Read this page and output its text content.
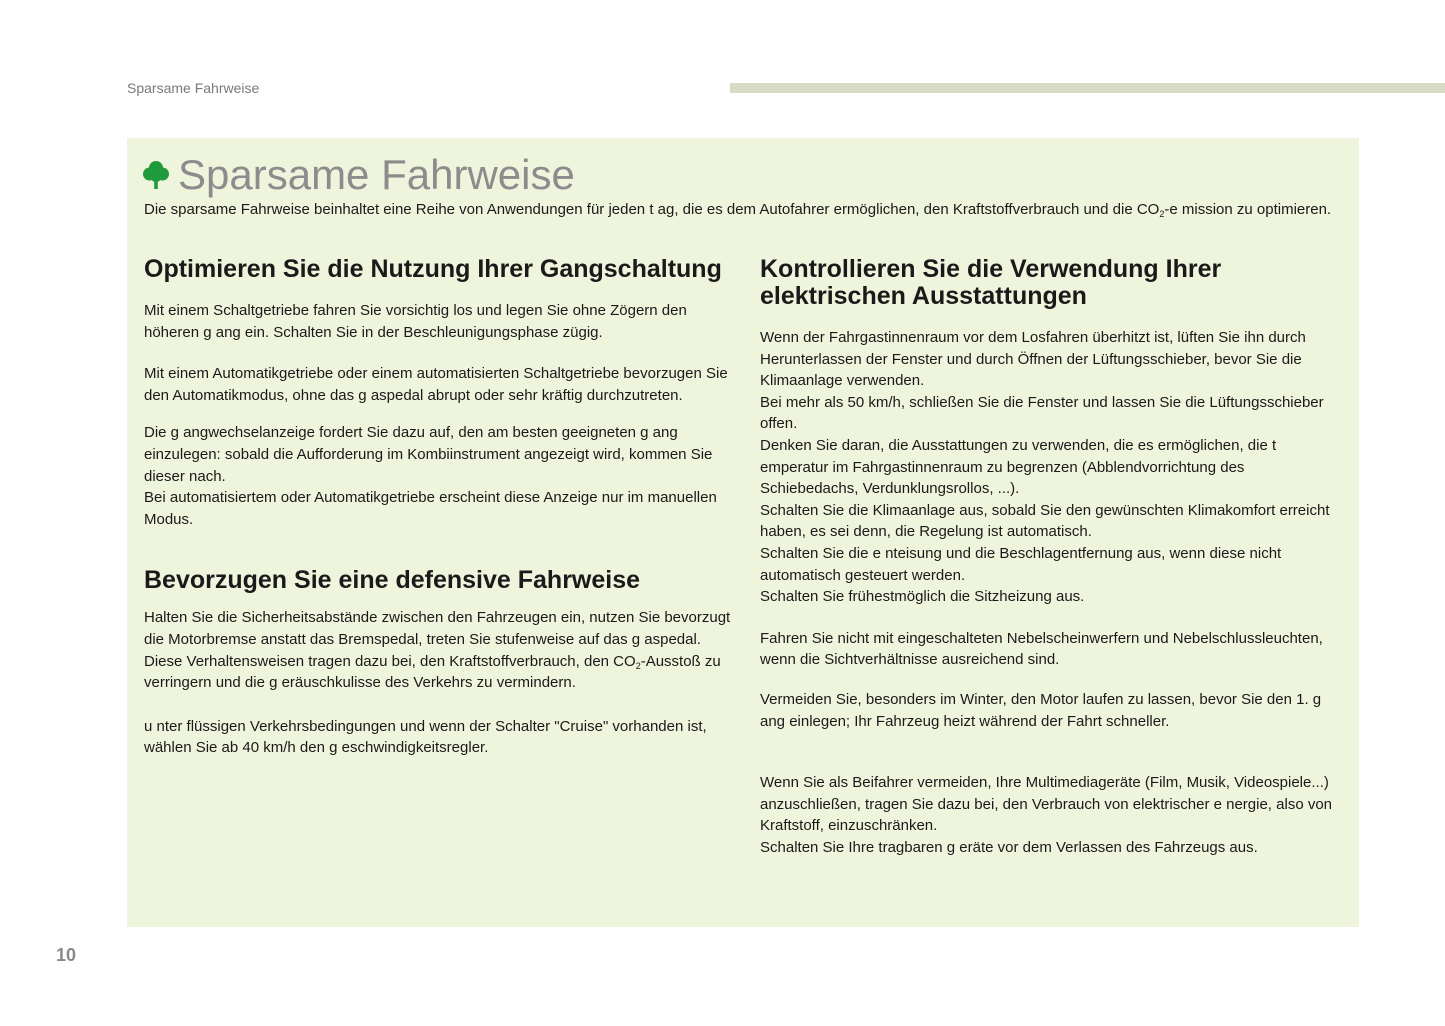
Sparsame Fahrweise
Sparsame Fahrweise
Die sparsame Fahrweise beinhaltet eine Reihe von Anwendungen für jeden t ag, die es dem Autofahrer ermöglichen, den Kraftstoffverbrauch und die $CO_2-e$ mission zu optimieren.
Optimieren Sie die Nutzung Ihrer Gangschaltung

Mit einem Schaltgetriebe fahren Sie vorsichtig los und legen Sie ohne Zögern den höheren g ang ein. Schalten Sie in der Beschleunigungsphase zügig.

Mit einem Automatikgetriebe oder einem automatisierten Schaltgetriebe bevorzugen Sie den Automatikmodus, ohne das g aspedal abrupt oder sehr kräftig durchzutreten.

Die g angwechselanzeige fordert Sie dazu auf, den am besten geeigneten g ang einzulegen: sobald die Aufforderung im Kombiinstrument angezeigt wird, kommen Sie dieser nach.

Bei automatisiertem oder Automatikgetriebe erscheint diese Anzeige nur im manuellen Modus.

Bevorzugen Sie eine defensive Fahrweise

Halten Sie die Sicherheitsabstände zwischen den Fahrzeugen ein, nutzen Sie bevorzugt die Motorbremse anstatt das Bremspedal, treten Sie stufenweise auf das g aspedal. Diese Verhaltensweisen tragen dazu bei, den Kraftstoffverbrauch, den $CO_2$-Ausstoß zu verringern und die g eräuschkulisse des Verkehrs zu vermindern.

u nter flüssigen Verkehrsbedingungen und wenn der Schalter "Cruise" vorhanden ist, wählen Sie ab 40 km/h den g eschwindigkeitsregler.

Kontrollieren Sie die Verwendung Ihrer elektrischen Ausstattungen

Wenn der Fahrgastinnenraum vor dem Losfahren überhitzt ist, lüften Sie ihn durch Herunterlassen der Fenster und durch Öffnen der Lüftungsschieber, bevor Sie die Klimaanlage verwenden.

Bei mehr als 50 km/h, schließen Sie die Fenster und lassen Sie die Lüftungsschieber offen.

Denken Sie daran, die Ausstattungen zu verwenden, die es ermöglichen, die t emperatur im Fahrgastinnenraum zu begrenzen (Abblendvorrichtung des Schiebedachs, Verdunklungsrollos, ...).

Schalten Sie die Klimaanlage aus, sobald Sie den gewünschten Klimakomfort erreicht haben, es sei denn, die Regelung ist automatisch.

Schalten Sie die e nteisung und die Beschlagentfernung aus, wenn diese nicht automatisch gesteuert werden.

Schalten Sie frühestmöglich die Sitzheizung aus.

Fahren Sie nicht mit eingeschalteten Nebelscheinwerfern und Nebelschlussleuchten, wenn die Sichtverhältnisse ausreichend sind.

Vermeiden Sie, besonders im Winter, den Motor laufen zu lassen, bevor Sie den 1. g ang einlegen; Ihr Fahrzeug heizt während der Fahrt schneller.

Wenn Sie als Beifahrer vermeiden, Ihre Multimediageräte (Film, Musik, Videospiele...) anzuschließen, tragen Sie dazu bei, den Verbrauch von elektrischer e nergie, also von Kraftstoff, einzuschränken.

Schalten Sie Ihre tragbaren g eräte vor dem Verlassen des Fahrzeugs aus.

10
